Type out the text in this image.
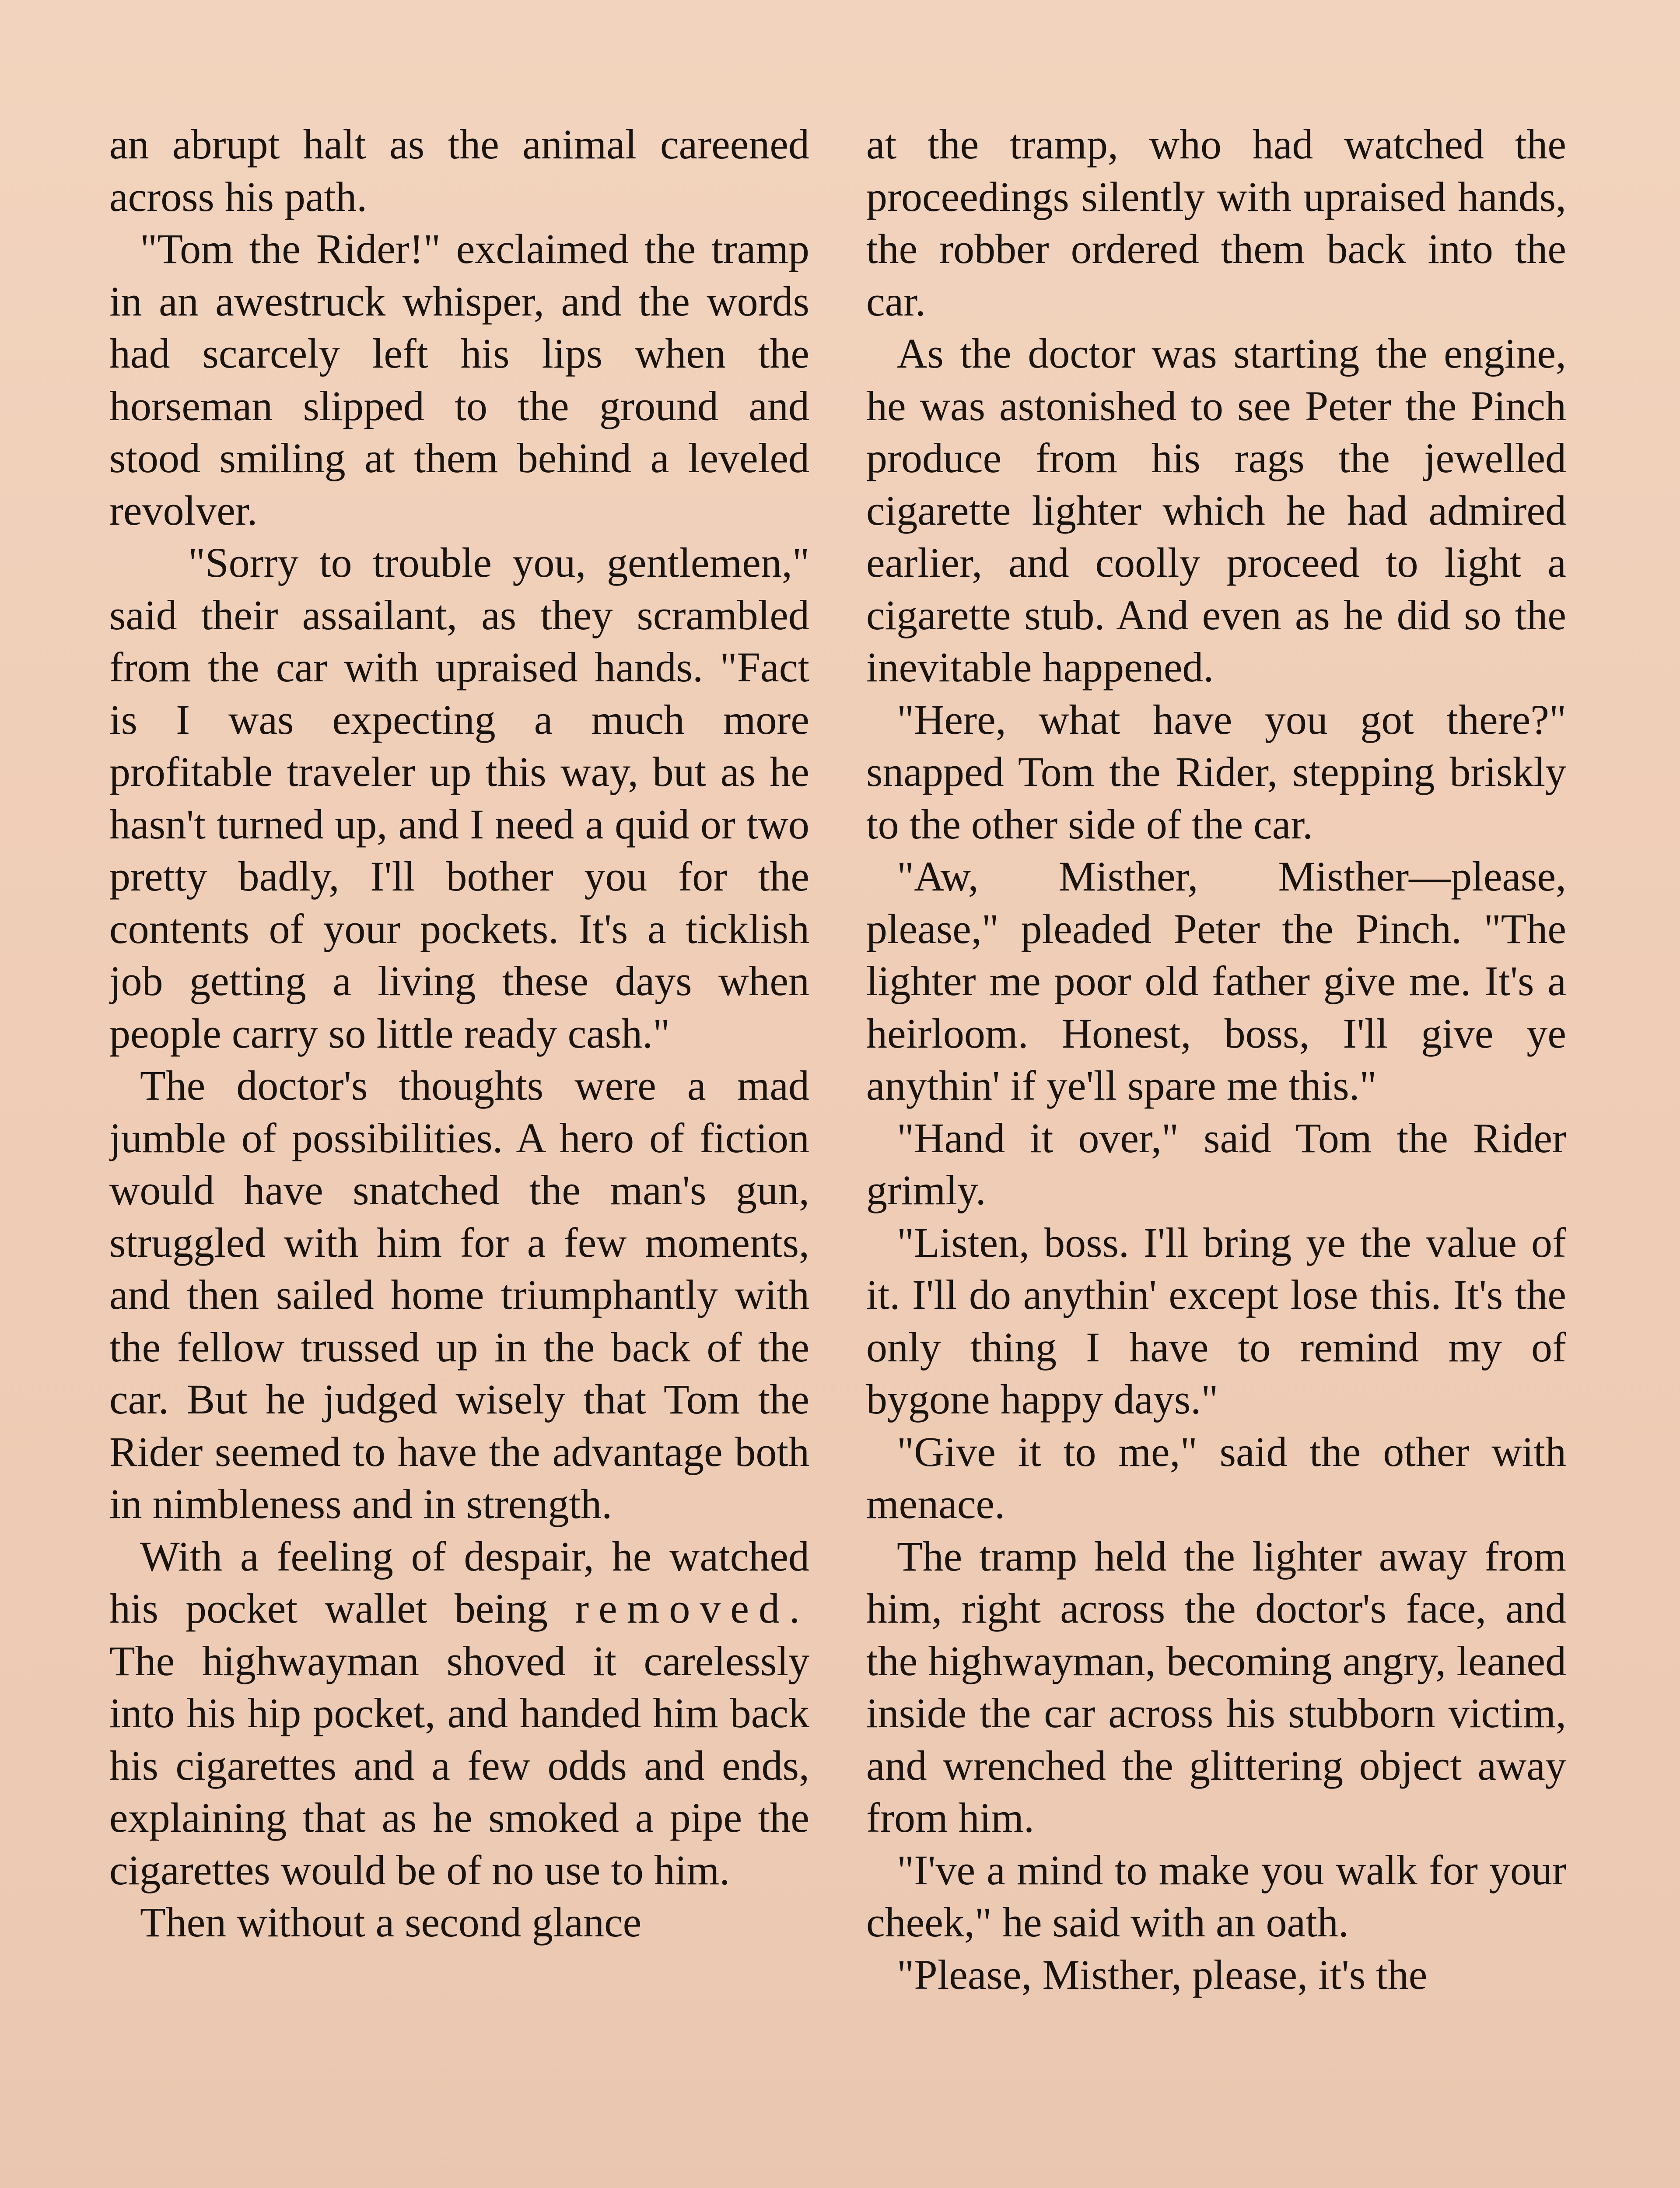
an abrupt halt as the animal careened across his path.

"Tom the Rider!" exclaimed the tramp in an awestruck whisper, and the words had scarcely left his lips when the horseman slipped to the ground and stood smiling at them behind a leveled revolver.

"Sorry to trouble you, gentlemen," said their assailant, as they scrambled from the car with upraised hands. "Fact is I was expecting a much more profitable traveler up this way, but as he hasn't turned up, and I need a quid or two pretty badly, I'll bother you for the contents of your pockets. It's a ticklish job getting a living these days when people carry so little ready cash."

The doctor's thoughts were a mad jumble of possibilities. A hero of fiction would have snatched the man's gun, struggled with him for a few moments, and then sailed home triumphantly with the fellow trussed up in the back of the car. But he judged wisely that Tom the Rider seemed to have the advantage both in nimbleness and in strength.

With a feeling of despair, he watched his pocket wallet being removed. The highwayman shoved it carelessly into his hip pocket, and handed him back his cigarettes and a few odds and ends, explaining that as he smoked a pipe the cigarettes would be of no use to him.

Then without a second glance

at the tramp, who had watched the proceedings silently with upraised hands, the robber ordered them back into the car.

As the doctor was starting the engine, he was astonished to see Peter the Pinch produce from his rags the jewelled cigarette lighter which he had admired earlier, and coolly proceed to light a cigarette stub. And even as he did so the inevitable happened.

"Here, what have you got there?" snapped Tom the Rider, stepping briskly to the other side of the car.

"Aw, Misther, Misther—please, please," pleaded Peter the Pinch. "The lighter me poor old father give me. It's a heirloom. Honest, boss, I'll give ye anythin' if ye'll spare me this."

"Hand it over," said Tom the Rider grimly.

"Listen, boss. I'll bring ye the value of it. I'll do anythin' except lose this. It's the only thing I have to remind my of bygone happy days."

"Give it to me," said the other with menace.

The tramp held the lighter away from him, right across the doctor's face, and the highwayman, becoming angry, leaned inside the car across his stubborn victim, and wrenched the glittering object away from him.

"I've a mind to make you walk for your cheek," he said with an oath.

"Please, Misther, please, it's the
